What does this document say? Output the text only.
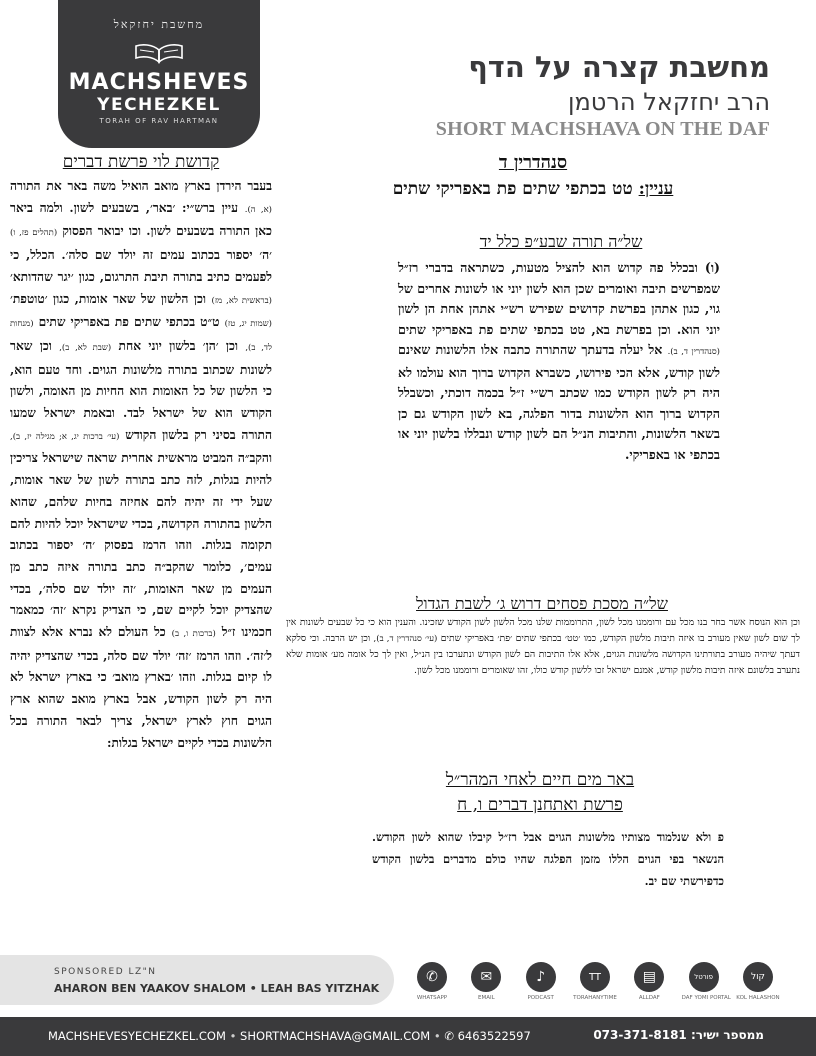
מחשבת יחזקאל
MACHSHEVES
YECHEZKEL
TORAH OF RAV HARTMAN
מחשבת קצרה על הדף
הרב יחזקאל הרטמן
SHORT MACHSHAVA ON THE DAF
קדושת לוי פרשת דברים
בעבר הירדן בארץ מואב הואיל משה באר את התורה (א, ה). עיין ברש״י: ׳באר׳, בשבעים לשון. ולמה ביאר כאן התורה בשבעים לשון. וכו יבואר הפסוק (תהלים פז, ו) ׳ה׳ יספור בכתוב עמים זה יולד שם סלה׳. הכלל, כי לפעמים כתיב בתורה תיבת התרגום, כגון ׳יגר שהדותא׳ (בראשית לא, מז) וכן הלשון של שאר אומות, כגון ׳טוטפת׳ (שמות יג, טז) ט״ט בכתפי שתים פת באפריקי שתים (מנחות לד, ב), וכן ׳הן׳ בלשון יוני אחת (שבת לא, ב), וכן שאר לשונות שכתוב בתורה מלשונות הגוים. וחד טעם הוא, כי הלשון של כל האומות הוא החיות מן האומה, ולשון הקודש הוא של ישראל לבד. ובאמת ישראל שמעו התורה בסיני רק בלשון הקודש (עי׳ ברכות יג, א; מגילה יז, ב), והקב״ה המביט מראשית אחרית שראה שישראל צריכין להיות בגלות, לזה כתב בתורה לשון של שאר אומות, שעל ידי זה יהיה להם אחיזה בחיות שלהם, שהוא הלשון בהתורה הקדושה, בכדי שישראל יוכל להיות להם תקומה בגלות. וזהו הרמז בפסוק ׳ה׳ יספור בכתוב עמים׳, כלומר שהקב״ה כתב בתורה איזה כתב מן העמים מן שאר האומות, ׳זה יולד שם סלה׳, בכדי שהצדיק יוכל לקיים שם, כי הצדיק נקרא ׳זה׳ כמאמר חכמינו ז״ל (ברכות ו, ב) כל העולם לא נברא אלא לצוות ל׳זה׳. וזהו הרמז ׳זה׳ יולד שם סלה, בכדי שהצדיק יהיה לו קיום בגלות. וזהו ׳בארץ מואב׳ כי בארץ ישראל לא היה רק לשון הקודש, אבל בארץ מואב שהוא ארץ הגוים חוץ לארץ ישראל, צריך לבאר התורה בכל הלשונות בכדי לקיים ישראל בגלות:
סנהדרין ד
עניין: טט בכתפי שתים פת באפריקי שתים
של״ה תורה שבע״פ כלל יד
(ו) ובכלל פה קדוש הוא להציל מטעות, כשתראה בדברי רז״ל שמפרשים תיבה ואומרים שכן הוא לשון יוני או לשונות אחרים של גוי, כגון אתהן בפרשת קדושים שפירש רש״י אתהן אחת הן לשון יוני הוא. וכן בפרשת בא, טט בכתפי שתים פת באפריקי שתים (סנהדרין ד, ב). אל יעלה בדעתך שהתורה כתבה אלו הלשונות שאינם לשון קודש, אלא הכי פירושו, כשברא הקדוש ברוך הוא עולמו לא היה רק לשון הקודש כמו שכתב רש״י ז״ל בכמה דוכתי, וכשבלל הקדוש ברוך הוא הלשונות בדור הפלגה, בא לשון הקודש גם כן בשאר הלשונות, והתיבות הנ״ל הם לשון קודש ונבללו בלשון יוני או בכתפי או באפריקי.
של״ה מסכת פסחים דרוש ג׳ לשבת הגדול
וכן הוא הנוסח אשר בחר בנו מכל עם ורוממנו מכל לשון, התרוממות שלנו מכל הלשון לשון הקודש שזכינו. והענין הוא כי כל שבעים לשונות אין לך שום לשון שאין מעורב בו איזה תיבות מלשון הקודש, כמו ׳טט׳ בכתפי שתים ׳פת׳ באפריקי שתים (עי׳ סנהדרין ד, ב), וכן יש הרבה. וכי סלקא דעתך שיהיה מעורב בתורתינו הקדושה מלשונות הגוים, אלא אלו התיבות הם לשון הקודש ונתערבו בין הנ״ל, ואין לך כל אומה מע׳ אומות שלא נתערב בלשונם איזה תיבות מלשון קודש, אמנם ישראל זכו ללשון קודש כולו, זהו שאומרים ורוממנו מכל לשון.
באר מים חיים לאחי המהר״ל
פרשת ואתחנן דברים ו, ח
פ ולא שנלמוד מצותיו מלשונות הגוים אבל רז״ל קיבלו שהוא לשון הקודש. הנשאר בפי הגוים הללו מזמן הפלגה שהיו כולם מדברים בלשון הקודש כדפירשתי שם יב.
SPONSORED LZ"N
AHARON BEN YAAKOV SHALOM • LEAH BAS YITZHAK
✆
WHATSAPP
✉
EMAIL
♪
PODCAST
TT
TORAHANYTIME
▤
ALLDAF
פורטל
DAF YOMI PORTAL
קול
KOL HALASHON
MACHSHEVESYECHEZKEL.COM • SHORTMACHSHAVA@GMAIL.COM • ✆ 6463522597	ממספר ישיר: 073-371-8181
